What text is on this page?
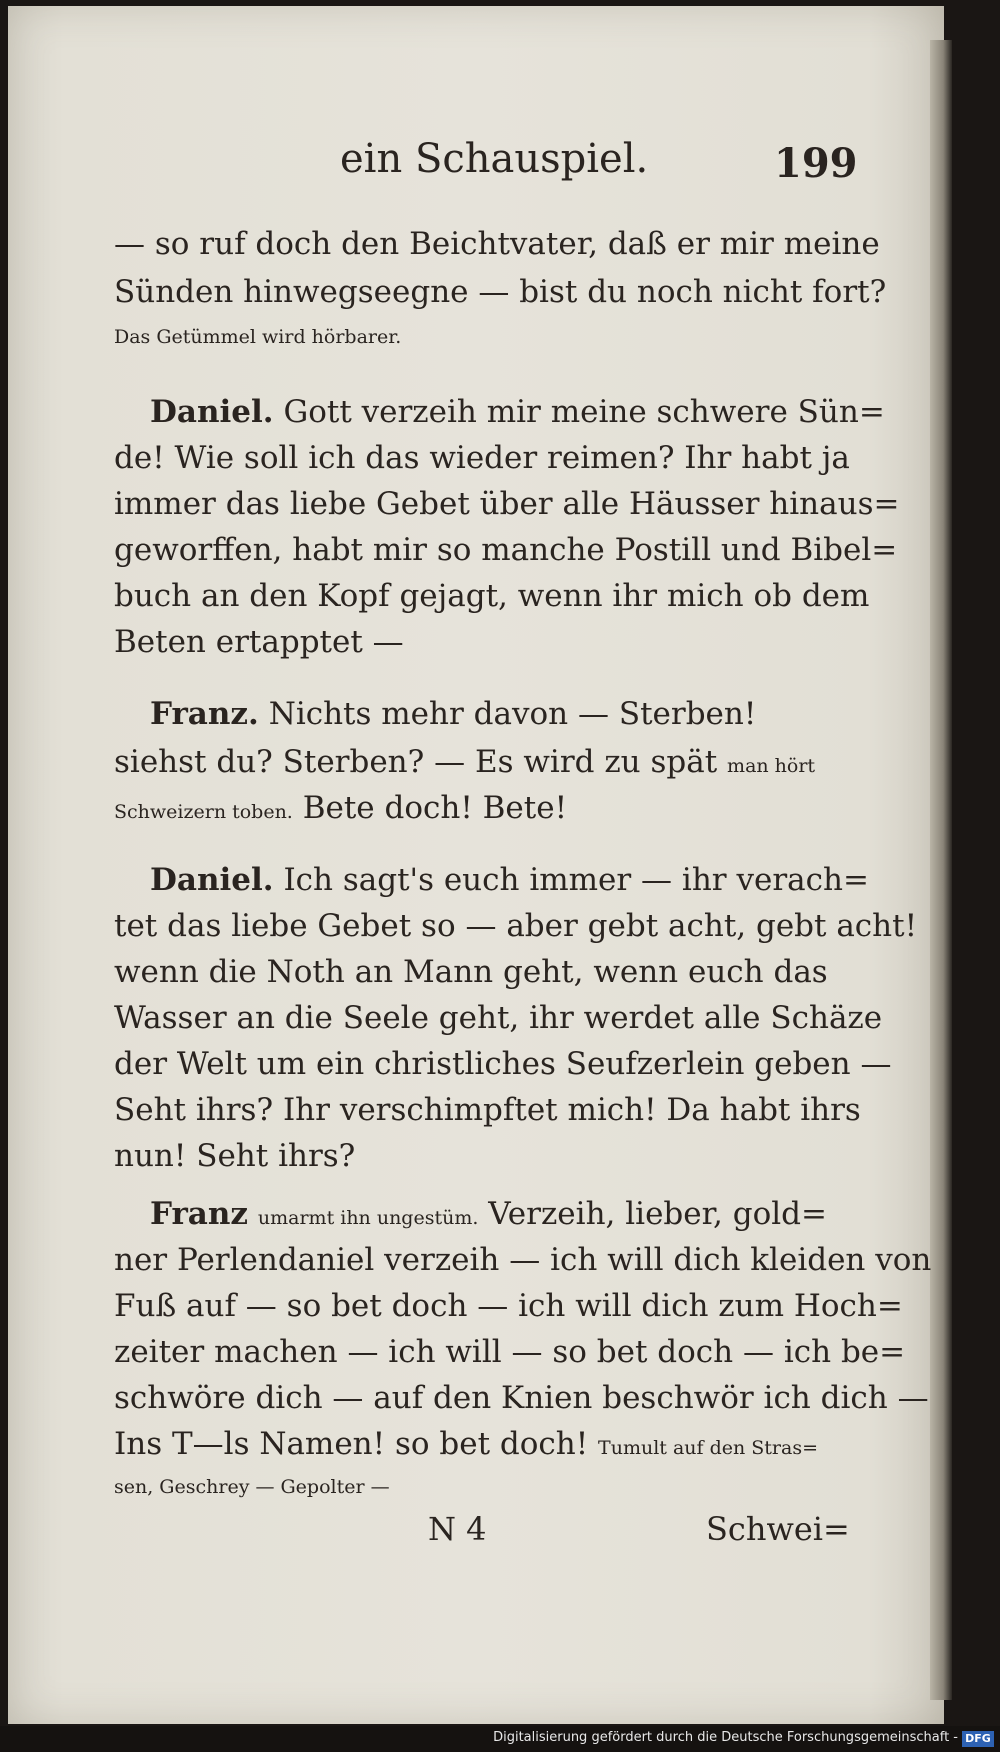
ein Schauspiel.	199
— so ruf doch den Beichtvater, daß er mir meine
Sünden hinwegseegne — bist du noch nicht fort?
Das Getümmel wird hörbarer.
Daniel. Gott verzeih mir meine schwere Sün=
de! Wie soll ich das wieder reimen? Ihr habt ja
immer das liebe Gebet über alle Häusser hinaus=
geworffen, habt mir so manche Postill und Bibel=
buch an den Kopf gejagt, wenn ihr mich ob dem
Beten ertapptet —
Franz. Nichts mehr davon — Sterben!
siehst du? Sterben? — Es wird zu spät man hört
Schweizern toben. Bete doch! Bete!
Daniel. Ich sagt's euch immer — ihr verach=
tet das liebe Gebet so — aber gebt acht, gebt acht!
wenn die Noth an Mann geht, wenn euch das
Wasser an die Seele geht, ihr werdet alle Schäze
der Welt um ein christliches Seufzerlein geben —
Seht ihrs? Ihr verschimpftet mich! Da habt ihrs
nun! Seht ihrs?
Franz umarmt ihn ungestüm. Verzeih, lieber, gold=
ner Perlendaniel verzeih — ich will dich kleiden von
Fuß auf — so bet doch — ich will dich zum Hoch=
zeiter machen — ich will — so bet doch — ich be=
schwöre dich — auf den Knien beschwör ich dich —
Ins T—ls Namen! so bet doch! Tumult auf den Stras=
sen, Geschrey — Gepolter —
N 4	Schwei=
Digitalisierung gefördert durch die Deutsche Forschungsgemeinschaft - DFG
